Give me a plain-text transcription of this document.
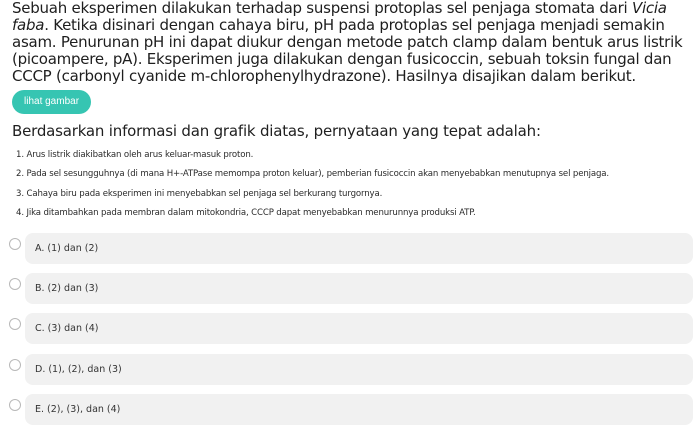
Sebuah eksperimen dilakukan terhadap suspensi protoplas sel penjaga stomata dari Vicia
faba. Ketika disinari dengan cahaya biru, pH pada protoplas sel penjaga menjadi semakin
asam. Penurunan pH ini dapat diukur dengan metode patch clamp dalam bentuk arus listrik
(picoampere, pA). Eksperimen juga dilakukan dengan fusicoccin, sebuah toksin fungal dan
CCCP (carbonyl cyanide m-chlorophenylhydrazone). Hasilnya disajikan dalam berikut.
lihat gambar
Berdasarkan informasi dan grafik diatas, pernyataan yang tepat adalah:
1. Arus listrik diakibatkan oleh arus keluar-masuk proton.
2. Pada sel sesungguhnya (di mana H+-ATPase memompa proton keluar), pemberian fusicoccin akan menyebabkan menutupnya sel penjaga.
3. Cahaya biru pada eksperimen ini menyebabkan sel penjaga sel berkurang turgornya.
4. Jika ditambahkan pada membran dalam mitokondria, CCCP dapat menyebabkan menurunnya produksi ATP.
A. (1) dan (2)
B. (2) dan (3)
C. (3) dan (4)
D. (1), (2), dan (3)
E. (2), (3), dan (4)
